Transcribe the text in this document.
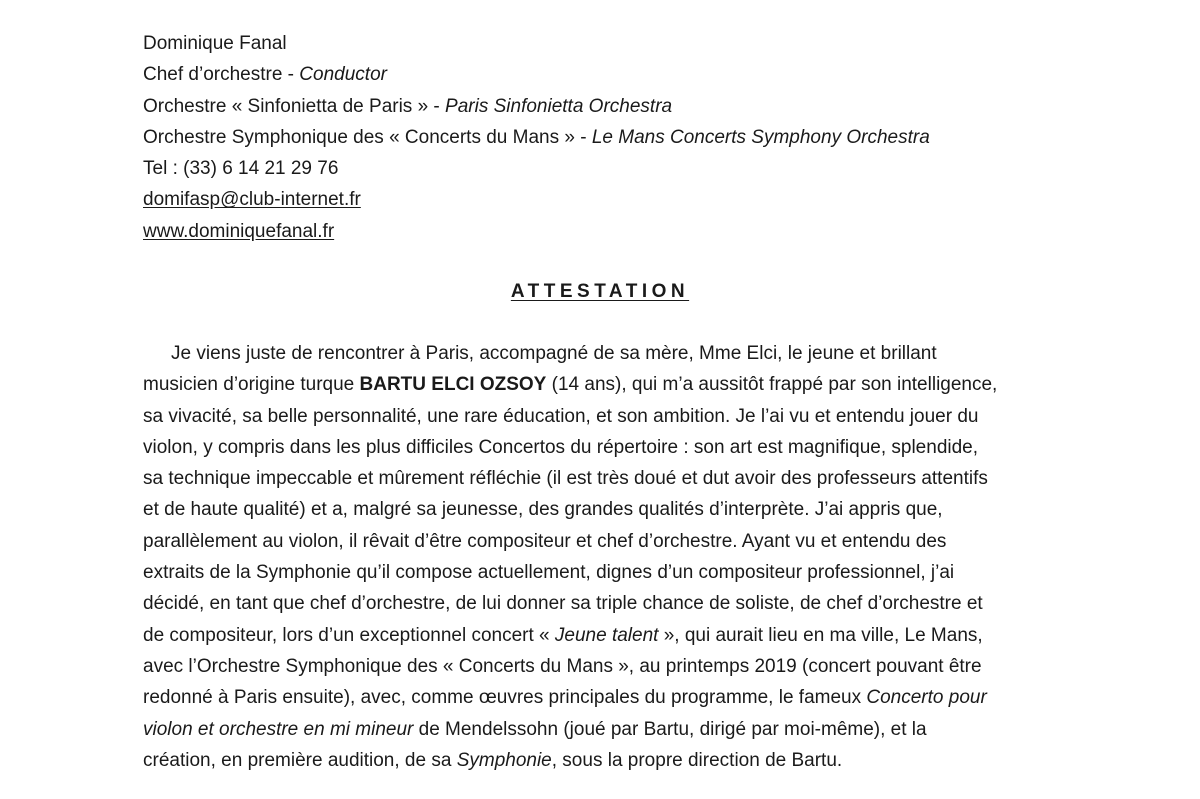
Dominique Fanal
Chef d’orchestre - Conductor
Orchestre « Sinfonietta de Paris » - Paris Sinfonietta Orchestra
Orchestre Symphonique des « Concerts du Mans » - Le Mans Concerts Symphony Orchestra
Tel : (33) 6 14 21 29 76
domifasp@club-internet.fr
www.dominiquefanal.fr
ATTESTATION
Je viens juste de rencontrer à Paris, accompagné de sa mère, Mme Elci, le jeune et brillant
musicien d’origine turque BARTU ELCI OZSOY (14 ans), qui m’a aussitôt frappé par son intelligence,
sa vivacité, sa belle personnalité, une rare éducation, et son ambition. Je l’ai vu et entendu jouer du
violon, y compris dans les plus difficiles Concertos du répertoire : son art est magnifique, splendide,
sa technique impeccable et mûrement réfléchie (il est très doué et dut avoir des professeurs attentifs
et de haute qualité) et a, malgré sa jeunesse, des grandes qualités d’interprète. J’ai appris que,
parallèlement au violon, il rêvait d’être compositeur et chef d’orchestre. Ayant vu et entendu des
extraits de la Symphonie qu’il compose actuellement, dignes d’un compositeur professionnel, j’ai
décidé, en tant que chef d’orchestre, de lui donner sa triple chance de soliste, de chef d’orchestre et
de compositeur, lors d’un exceptionnel concert « Jeune talent », qui aurait lieu en ma ville, Le Mans,
avec l’Orchestre Symphonique des « Concerts du Mans », au printemps 2019 (concert pouvant être
redonné à Paris ensuite), avec, comme œuvres principales du programme, le fameux Concerto pour
violon et orchestre en mi mineur de Mendelssohn (joué par Bartu, dirigé par moi-même), et la
création, en première audition, de sa Symphonie, sous la propre direction de Bartu.
